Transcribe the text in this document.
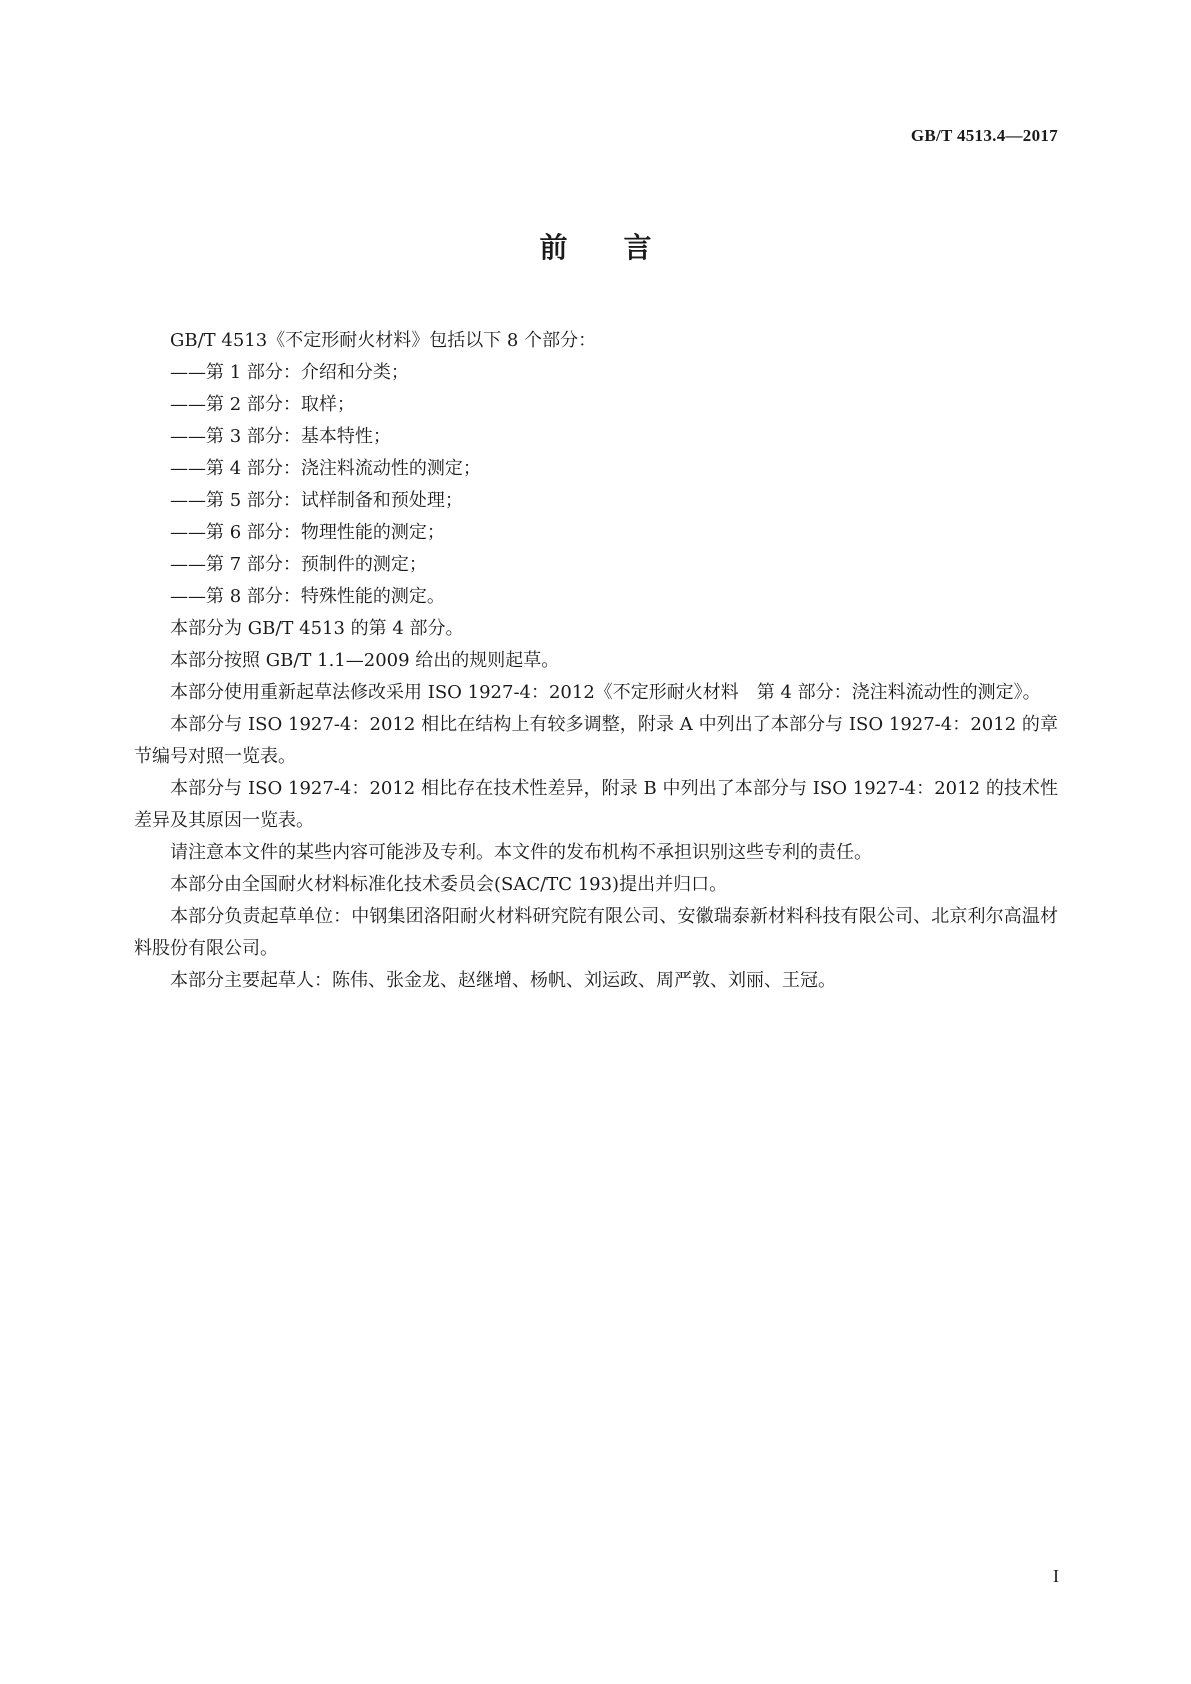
GB/T 4513.4—2017
前言

GB/T 4513《不定形耐火材料》包括以下 8 个部分：

——第 1 部分：介绍和分类；

——第 2 部分：取样；

——第 3 部分：基本特性；

——第 4 部分：浇注料流动性的测定；

——第 5 部分：试样制备和预处理；

——第 6 部分：物理性能的测定；

——第 7 部分：预制件的测定；

——第 8 部分：特殊性能的测定。

本部分为 GB/T 4513 的第 4 部分。

本部分按照 GB/T 1.1—2009 给出的规则起草。

本部分使用重新起草法修改采用 ISO 1927-4：2012《不定形耐火材料　第 4 部分：浇注料流动性的测定》。

本部分与 ISO 1927-4：2012 相比在结构上有较多调整，附录 A 中列出了本部分与 ISO 1927-4：2012 的章节编号对照一览表。

本部分与 ISO 1927-4：2012 相比存在技术性差异，附录 B 中列出了本部分与 ISO 1927-4：2012 的技术性差异及其原因一览表。

请注意本文件的某些内容可能涉及专利。本文件的发布机构不承担识别这些专利的责任。

本部分由全国耐火材料标准化技术委员会(SAC/TC 193)提出并归口。

本部分负责起草单位：中钢集团洛阳耐火材料研究院有限公司、安徽瑞泰新材料科技有限公司、北京利尔高温材料股份有限公司。

本部分主要起草人：陈伟、张金龙、赵继增、杨帆、刘运政、周严敦、刘丽、王冠。

I
